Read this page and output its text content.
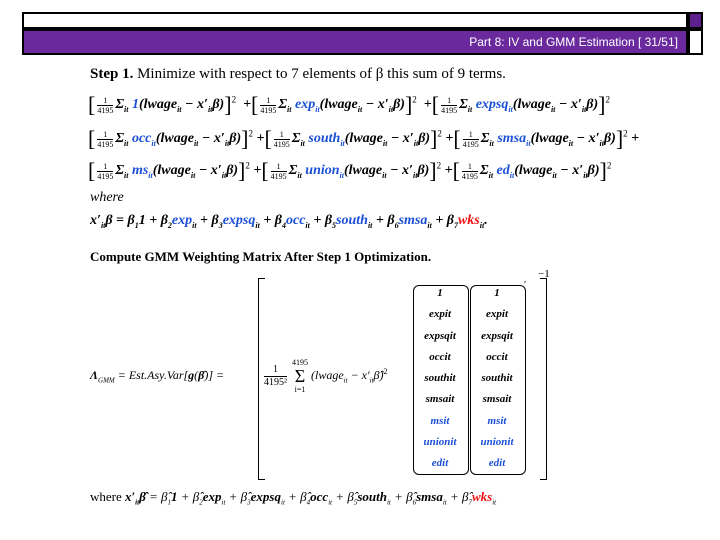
Part 8: IV and GMM Estimation [ 31/51]
Step 1. Minimize with respect to 7 elements of β this sum of 9 terms.
[ $\frac{1}{4195} \Sigma_{it}$ 1(lwage$_{it}$ − $x'_{it}\beta)]^2$  +[ $\frac{1}{4195} \Sigma_{it}$ $\exp_{it}(lwage_{it} - x'_{it}\beta)]^2$  +[ $\frac{1}{4195} \Sigma_{it}$ expsq$_{it}$(lwage$_{it}$ − $x'_{it}\beta)]^2$
[ $\frac{1}{4195} \Sigma_{it}$ occ$_{it}$(lwage$_{it}$ − $x'_{it}\beta)]^2$ +[ $\frac{1}{4195} \Sigma_{it}$ south$_{it}$(lwage$_{it}$ − $x'_{it}\beta)]^2$ +[ $\frac{1}{4195} \Sigma_{it}$ smsa$_{it}$(lwage$_{it}$ − $x'_{it}\beta)]^2$ +
[ $\frac{1}{4195} \Sigma_{it}$ $ms_{it}(lwage_{it} - x'_{it}\beta)]^2$ +[ $\frac{1}{4195} \Sigma_{it}$ union$_{it}$(lwage$_{it}$ − $x'_{it}\beta)]^2$ +[ $\frac{1}{4195} \Sigma_{it}$ $ed_{it}(lwage_{it} - x'_{it}\beta)]^2$
where
$x'_{it}\beta = \beta_11 + \beta_2\exp_{it}$ + $\beta_3expsq_{it} + \beta_4occ_{it}$ + $\beta_5south_{it}$ + $\beta_6smsa_{it} + \beta_7wks_{it}$.
Compute GMM Weighting Matrix After Step 1 Optimization.
$\Lambda_{GMM}$ = Est.Asy.Var[g(β̂)] =
−1
$\frac{1}{\text{4195²}}$

4195
Σ
i=1
(lwage$_{it}$ − $x'_{it}\betâ)^2$
1
expit
expsqit
occit
southit
smsait
msit
unionit
edit
′
1
expit
expsqit
occit
southit
smsait
msit
unionit
edit
where $x'_{it}\betâ$ = $\betâ_11$ + $\betâ_2\exp_{it}$ + $\betâ_3expsq_{it}$ + $\betâ_4occ_{it}$ + $\betâ_5south_{it}$ + $\betâ_6smsa_{it}$ + $\betâ_7wks_{it}$
